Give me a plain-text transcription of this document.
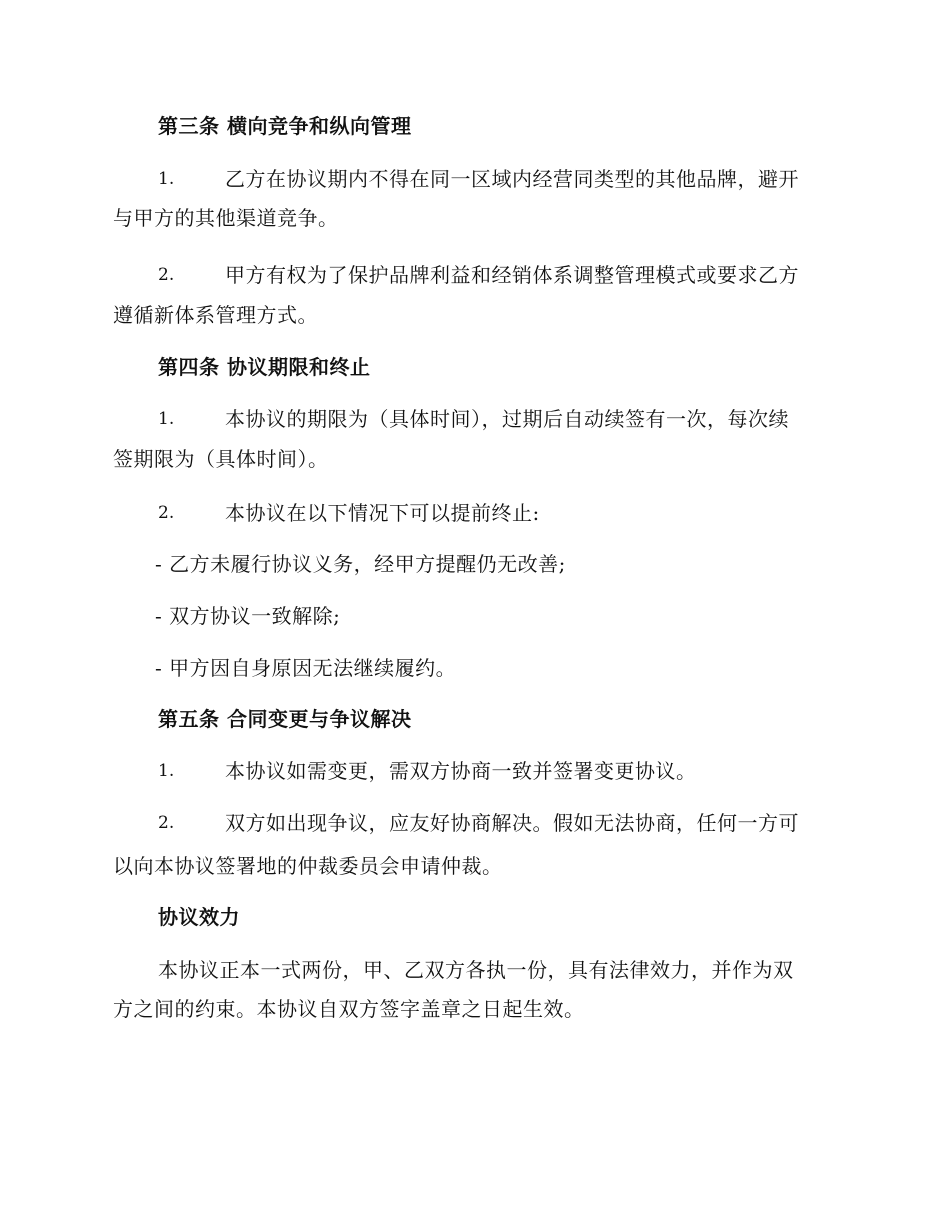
第三条 横向竞争和纵向管理
1.	乙方在协议期内不得在同一区域内经营同类型的其他品牌，避开
与甲方的其他渠道竞争。
2.	甲方有权为了保护品牌利益和经销体系调整管理模式或要求乙方
遵循新体系管理方式。
第四条 协议期限和终止
1.	本协议的期限为（具体时间），过期后自动续签有一次，每次续
签期限为（具体时间）。
2.	本协议在以下情况下可以提前终止:
- 乙方未履行协议义务，经甲方提醒仍无改善;
- 双方协议一致解除;
- 甲方因自身原因无法继续履约。
第五条 合同变更与争议解决
1.	本协议如需变更，需双方协商一致并签署变更协议。
2.	双方如出现争议，应友好协商解决。假如无法协商，任何一方可
以向本协议签署地的仲裁委员会申请仲裁。
协议效力
本协议正本一式两份，甲、乙双方各执一份，具有法律效力，并作为双
方之间的约束。本协议自双方签字盖章之日起生效。
